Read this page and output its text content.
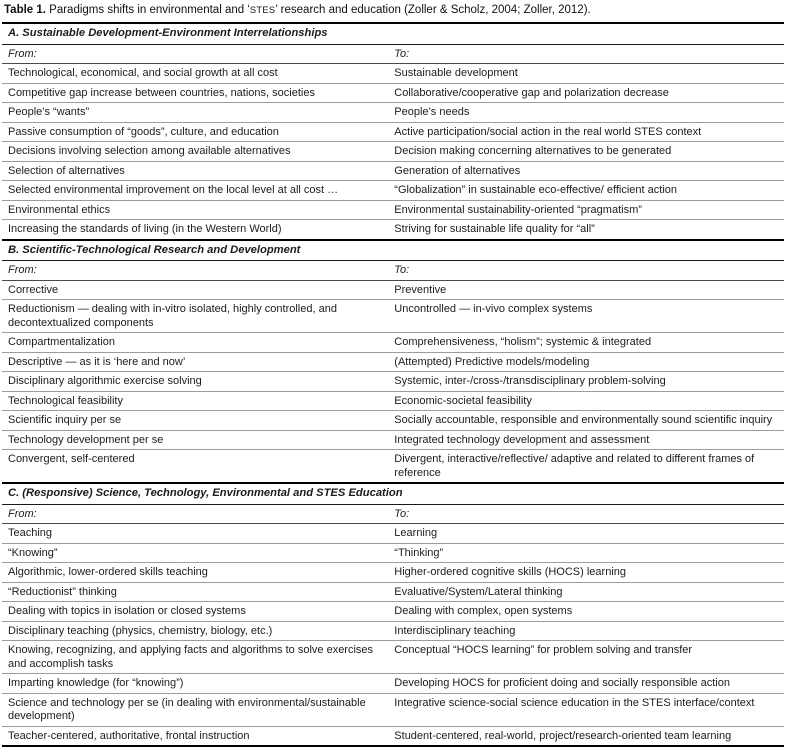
Table 1. Paradigms shifts in environmental and ‘STES’ research and education (Zoller & Scholz, 2004; Zoller, 2012).
A. Sustainable Development-Environment Interrelationships	
From:	To:
Technological, economical, and social growth at all cost	Sustainable development
Competitive gap increase between countries, nations, societies	Collaborative/cooperative gap and polarization decrease
People’s “wants”	People’s needs
Passive consumption of “goods”, culture, and education	Active participation/social action in the real world STES context
Decisions involving selection among available alternatives	Decision making concerning alternatives to be generated
Selection of alternatives	Generation of alternatives
Selected environmental improvement on the local level at all cost …	“Globalization” in sustainable eco-effective/ efficient action
Environmental ethics	Environmental sustainability-oriented “pragmatism”
Increasing the standards of living (in the Western World)	Striving for sustainable life quality for “all”
B. Scientific-Technological Research and Development	
From:	To:
Corrective	Preventive
Reductionism — dealing with in-vitro isolated, highly controlled, and decontextualized components	Uncontrolled — in-vivo complex systems
Compartmentalization	Comprehensiveness, “holism”; systemic & integrated
Descriptive — as it is ‘here and now’	(Attempted) Predictive models/modeling
Disciplinary algorithmic exercise solving	Systemic, inter-/cross-/transdisciplinary problem-solving
Technological feasibility	Economic-societal feasibility
Scientific inquiry per se	Socially accountable, responsible and environmentally sound scientific inquiry
Technology development per se	Integrated technology development and assessment
Convergent, self-centered	Divergent, interactive/reflective/ adaptive and related to different frames of reference
C. (Responsive) Science, Technology, Environmental and STES Education	
From:	To:
Teaching	Learning
“Knowing”	“Thinking”
Algorithmic, lower-ordered skills teaching	Higher-ordered cognitive skills (HOCS) learning
“Reductionist” thinking	Evaluative/System/Lateral thinking
Dealing with topics in isolation or closed systems	Dealing with complex, open systems
Disciplinary teaching (physics, chemistry, biology, etc.)	Interdisciplinary teaching
Knowing, recognizing, and applying facts and algorithms to solve exercises and accomplish tasks	Conceptual “HOCS learning” for problem solving and transfer
Imparting knowledge (for “knowing”)	Developing HOCS for proficient doing and socially responsible action
Science and technology per se (in dealing with environmental/sustainable development)	Integrative science-social science education in the STES interface/context
Teacher-centered, authoritative, frontal instruction	Student-centered, real-world, project/research-oriented team learning
